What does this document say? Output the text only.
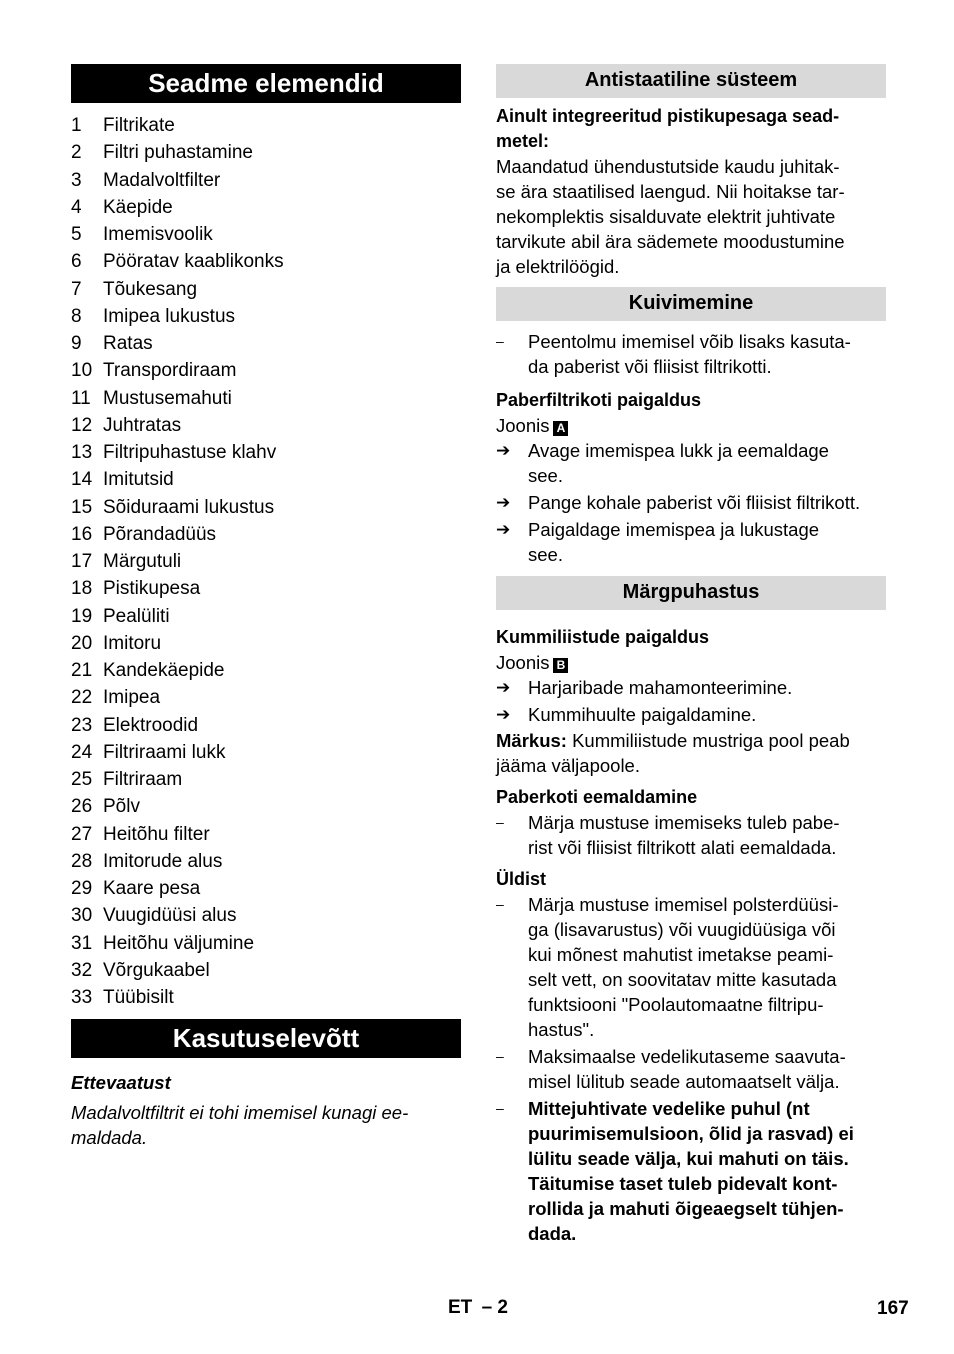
Seadme elemendid
1	Filtrikate
2	Filtri puhastamine
3	Madalvoltfilter
4	Käepide
5	Imemisvoolik
6	Pööratav kaablikonks
7	Tõukesang
8	Imipea lukustus
9	Ratas
10 Transpordiraam
11 Mustusemahuti
12 Juhtratas
13 Filtripuhastuse klahv
14 Imitutsid
15 Sõiduraami lukustus
16 Põrandadüüs
17 Märgutuli
18 Pistikupesa
19 Pealüliti
20 Imitoru
21 Kandekäepide
22 Imipea
23 Elektroodid
24 Filtriraami lukk
25 Filtriraam
26 Põlv
27 Heitõhu filter
28 Imitorude alus
29 Kaare pesa
30 Vuugidüüsi alus
31 Heitõhu väljumine
32 Võrgukaabel
33 Tüübisilt
Kasutuselevõtt

Ettevaatust

Madalvoltfiltrit ei tohi imemisel kunagi ee-
maldada.

Antistaatiline süsteem

Ainult integreeritud pistikupesaga sead-
metel:

Maandatud ühendustutside kaudu juhitak-
se ära staatilised laengud. Nii hoitakse tar-
nekomplektis sisalduvate elektrit juhtivate
tarvikute abil ära sädemete moodustumine
ja elektrilöögid.

Kuivimemine
–	Peentolmu imemisel võib lisaks kasuta-
da paberist või fliisist filtrikotti.

Paberfiltrikoti paigaldus

Joonis A

➔ Avage imemispea lukk ja eemaldage
see.
➔ Pange kohale paberist või fliisist filtrikott.
➔ Paigaldage imemispea ja lukustage
see.
Märgpuhastus

Kummiliistude paigaldus

Joonis B

➔ Harjaribade mahamonteerimine.
➔ Kummihuulte paigaldamine.

Märkus: Kummiliistude mustriga pool peab
jääma väljapoole.

Paberkoti eemaldamine

–	Märja mustuse imemiseks tuleb pabe-
rist või fliisist filtrikott alati eemaldada.

Üldist

–	Märja mustuse imemisel polsterdüüsi-
ga (lisavarustus) või vuugidüüsiga või
kui mõnest mahutist imetakse peami-
selt vett, on soovitatav mitte kasutada
funktsiooni "Poolautomaatne filtripu-
hastus".
–	Maksimaalse vedelikutaseme saavuta-
misel lülitub seade automaatselt välja.
–	Mittejuhtivate vedelike puhul (nt
puurimisemulsioon, õlid ja rasvad) ei
lülitu seade välja, kui mahuti on täis.
Täitumise taset tuleb pidevalt kont-
rollida ja mahuti õigeaegselt tühjen-
dada.
ET – 2	167
